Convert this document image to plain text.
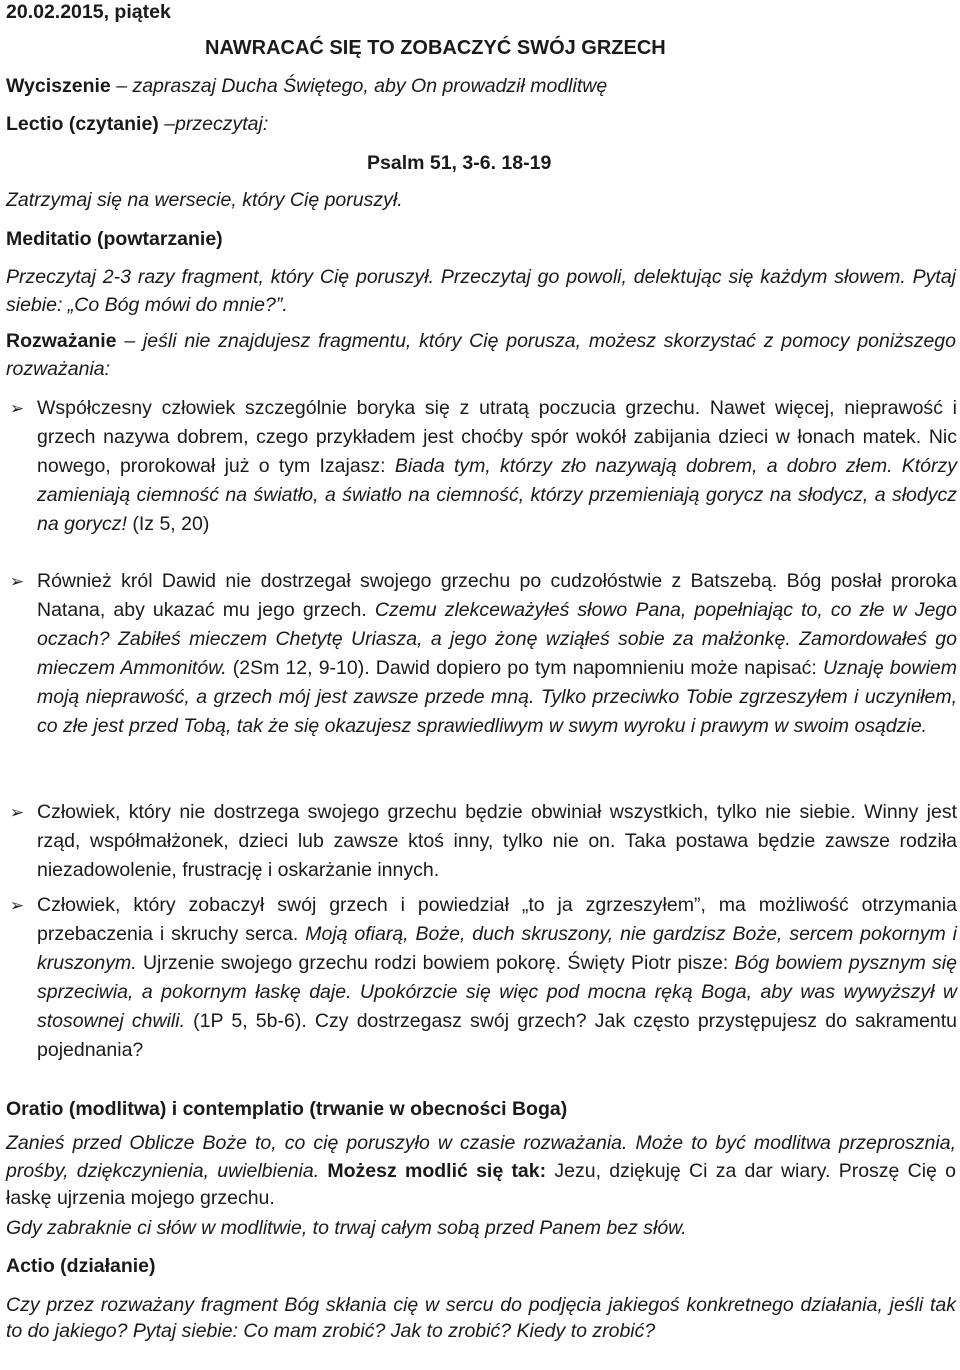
20.02.2015, piątek
NAWRACAĆ SIĘ TO ZOBACZYĆ SWÓJ GRZECH
Wyciszenie – zapraszaj Ducha Świętego, aby On prowadził modlitwę
Lectio (czytanie) –przeczytaj:
Psalm 51, 3-6. 18-19
Zatrzymaj się na wersecie, który Cię poruszył.
Meditatio (powtarzanie)
Przeczytaj 2-3 razy fragment, który Cię poruszył. Przeczytaj go powoli, delektując się każdym słowem. Pytaj siebie: „Co Bóg mówi do mnie?”.
Rozważanie – jeśli nie znajdujesz fragmentu, który Cię porusza, możesz skorzystać z pomocy poniższego rozważania:
➢ Współczesny człowiek szczególnie boryka się z utratą poczucia grzechu. Nawet więcej, nieprawość i grzech nazywa dobrem, czego przykładem jest choćby spór wokół zabijania dzieci w łonach matek. Nic nowego, prorokował już o tym Izajasz: Biada tym, którzy zło nazywają dobrem, a dobro złem. Którzy zamieniają ciemność na światło, a światło na ciemność, którzy przemieniają gorycz na słodycz, a słodycz na gorycz! (Iz 5, 20)
➢ Również król Dawid nie dostrzegał swojego grzechu po cudzołóstwie z Batszebą. Bóg posłał proroka Natana, aby ukazać mu jego grzech. Czemu zlekceważyłeś słowo Pana, popełniając to, co złe w Jego oczach? Zabiłeś mieczem Chetytę Uriasza, a jego żonę wziąłeś sobie za małżonkę. Zamordowałeś go mieczem Ammonitów. (2Sm 12, 9-10). Dawid dopiero po tym napomnieniu może napisać: Uznaję bowiem moją nieprawość, a grzech mój jest zawsze przede mną. Tylko przeciwko Tobie zgrzeszyłem i uczyniłem, co złe jest przed Tobą, tak że się okazujesz sprawiedliwym w swym wyroku i prawym w swoim osądzie.
➢ Człowiek, który nie dostrzega swojego grzechu będzie obwiniał wszystkich, tylko nie siebie. Winny jest rząd, współmałżonek, dzieci lub zawsze ktoś inny, tylko nie on. Taka postawa będzie zawsze rodziła niezadowolenie, frustrację i oskarżanie innych.
➢ Człowiek, który zobaczył swój grzech i powiedział „to ja zgrzeszyłem”, ma możliwość otrzymania przebaczenia i skruchy serca. Moją ofiarą, Boże, duch skruszony, nie gardzisz Boże, sercem pokornym i kruszonym. Ujrzenie swojego grzechu rodzi bowiem pokorę. Święty Piotr pisze: Bóg bowiem pysznym się sprzeciwia, a pokornym łaskę daje. Upokórzcie się więc pod mocna ręką Boga, aby was wywyższył w stosownej chwili. (1P 5, 5b-6). Czy dostrzegasz swój grzech? Jak często przystępujesz do sakramentu pojednania?
Oratio (modlitwa) i contemplatio (trwanie w obecności Boga)
Zanieś przed Oblicze Boże to, co cię poruszyło w czasie rozważania. Może to być modlitwa przeprosznia, prośby, dziękczynienia, uwielbienia. Możesz modlić się tak: Jezu, dziękuję Ci za dar wiary. Proszę Cię o łaskę ujrzenia mojego grzechu.
Gdy zabraknie ci słów w modlitwie, to trwaj całym sobą przed Panem bez słów.
Actio (działanie)
Czy przez rozważany fragment Bóg skłania cię w sercu do podjęcia jakiegoś konkretnego działania, jeśli tak to do jakiego? Pytaj siebie: Co mam zrobić? Jak to zrobić? Kiedy to zrobić?
